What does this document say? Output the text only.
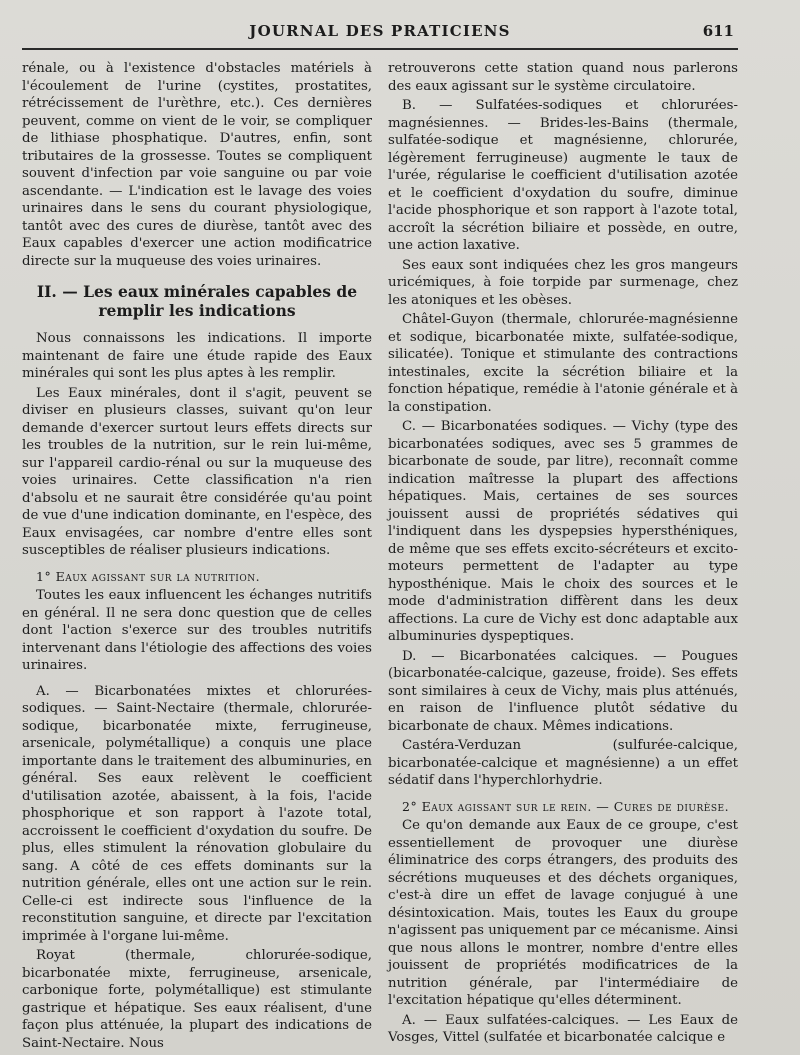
JOURNAL DES PRATICIENS	611

rénale, ou à l'existence d'obstacles matériels à l'écoulement de l'urine (cystites, prostatites, rétrécissement de l'urèthre, etc.). Ces dernières peuvent, comme on vient de le voir, se compliquer de lithiase phosphatique. D'autres, enfin, sont tributaires de la grossesse. Toutes se compliquent souvent d'infection par voie sanguine ou par voie ascendante. — L'indication est le lavage des voies urinaires dans le sens du courant physiologique, tantôt avec des cures de diurèse, tantôt avec des Eaux capables d'exercer une action modificatrice directe sur la muqueuse des voies urinaires.

II. — Les eaux minérales capables de remplir les indications

Nous connaissons les indications. Il importe maintenant de faire une étude rapide des Eaux minérales qui sont les plus aptes à les remplir.

Les Eaux minérales, dont il s'agit, peuvent se diviser en plusieurs classes, suivant qu'on leur demande d'exercer surtout leurs effets directs sur les troubles de la nutrition, sur le rein lui-même, sur l'appareil cardio-rénal ou sur la muqueuse des voies urinaires. Cette classification n'a rien d'absolu et ne saurait être considérée qu'au point de vue d'une indication dominante, en l'espèce, des Eaux envisagées, car nombre d'entre elles sont susceptibles de réaliser plusieurs indications.

1° Eaux agissant sur la nutrition.

Toutes les eaux influencent les échanges nutritifs en général. Il ne sera donc question que de celles dont l'action s'exerce sur des troubles nutritifs intervenant dans l'étiologie des affections des voies urinaires.

A. — Bicarbonatées mixtes et chlorurées-sodiques. — Saint-Nectaire (thermale, chlorurée-sodique, bicarbonatée mixte, ferrugineuse, arsenicale, polymétallique) a conquis une place importante dans le traitement des albuminuries, en général. Ses eaux relèvent le coefficient d'utilisation azotée, abaissent, à la fois, l'acide phosphorique et son rapport à l'azote total, accroissent le coefficient d'oxydation du soufre. De plus, elles stimulent la rénovation globulaire du sang. A côté de ces effets dominants sur la nutrition générale, elles ont une action sur le rein. Celle-ci est indirecte sous l'influence de la reconstitution sanguine, et directe par l'excitation imprimée à l'organe lui-même.

Royat (thermale, chlorurée-sodique, bicarbonatée mixte, ferrugineuse, arsenicale, carbonique forte, polymétallique) est stimulante gastrique et hépatique. Ses eaux réalisent, d'une façon plus atténuée, la plupart des indications de Saint-Nectaire. Nous

retrouverons cette station quand nous parlerons des eaux agissant sur le système circulatoire.

B. — Sulfatées-sodiques et chlorurées-magnésiennes. — Brides-les-Bains (thermale, sulfatée-sodique et magnésienne, chlorurée, légèrement ferrugineuse) augmente le taux de l'urée, régularise le coefficient d'utilisation azotée et le coefficient d'oxydation du soufre, diminue l'acide phosphorique et son rapport à l'azote total, accroît la sécrétion biliaire et possède, en outre, une action laxative.

Ses eaux sont indiquées chez les gros mangeurs uricémiques, à foie torpide par surmenage, chez les atoniques et les obèses.

Châtel-Guyon (thermale, chlorurée-magnésienne et sodique, bicarbonatée mixte, sulfatée-sodique, silicatée). Tonique et stimulante des contractions intestinales, excite la sécrétion biliaire et la fonction hépatique, remédie à l'atonie générale et à la constipation.

C. — Bicarbonatées sodiques. — Vichy (type des bicarbonatées sodiques, avec ses 5 grammes de bicarbonate de soude, par litre), reconnaît comme indication maîtresse la plupart des affections hépatiques. Mais, certaines de ses sources jouissent aussi de propriétés sédatives qui l'indiquent dans les dyspepsies hypersthéniques, de même que ses effets excito-sécréteurs et excito-moteurs permettent de l'adapter au type hyposthénique. Mais le choix des sources et le mode d'administration diffèrent dans les deux affections. La cure de Vichy est donc adaptable aux albuminuries dyspeptiques.

D. — Bicarbonatées calciques. — Pougues (bicarbonatée-calcique, gazeuse, froide). Ses effets sont similaires à ceux de Vichy, mais plus atténués, en raison de l'influence plutôt sédative du bicarbonate de chaux. Mêmes indications.

Castéra-Verduzan (sulfurée-calcique, bicarbonatée-calcique et magnésienne) a un effet sédatif dans l'hyperchlorhydrie.

2° Eaux agissant sur le rein. — Cures de diurèse.

Ce qu'on demande aux Eaux de ce groupe, c'est essentiellement de provoquer une diurèse éliminatrice des corps étrangers, des produits des sécrétions muqueuses et des déchets organiques, c'est-à dire un effet de lavage conjugué à une désintoxication. Mais, toutes les Eaux du groupe n'agissent pas uniquement par ce mécanisme. Ainsi que nous allons le montrer, nombre d'entre elles jouissent de propriétés modificatrices de la nutrition générale, par l'intermédiaire de l'excitation hépatique qu'elles déterminent.

A. — Eaux sulfatées-calciques. — Les Eaux de Vosges, Vittel (sulfatée et bicarbonatée calcique e
